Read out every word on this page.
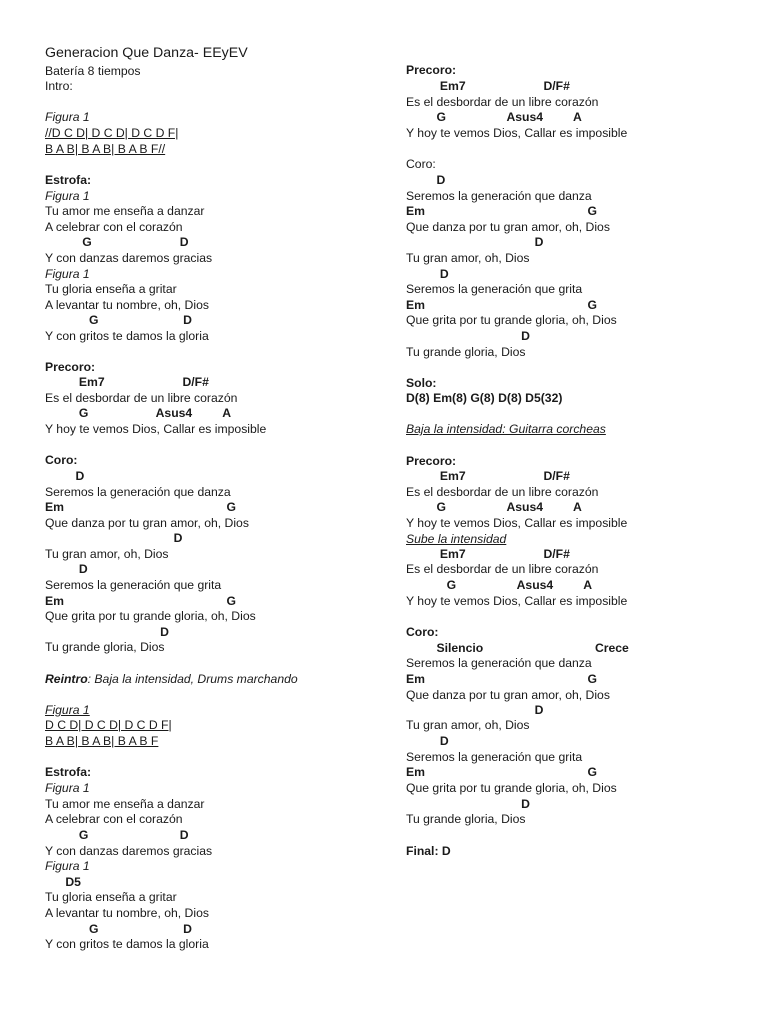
Generacion Que Danza- EEyEV
Batería 8 tiempos
Intro:
Figura 1
//D C D| D C D| D C D F|
B A B| B A B| B A B F//
Estrofa:
Figura 1
Tu amor me enseña a danzar
A celebrar con el corazón
G                          D
Y con danzas daremos gracias
Figura 1
Tu gloria enseña a gritar
A levantar tu nombre, oh, Dios
G                         D
Y con gritos te damos la gloria
Precoro:
Em7                       D/F#
Es el desbordar de un libre corazón
G                    Asus4         A
Y hoy te vemos Dios, Callar es imposible
Coro:
D
Seremos la generación que danza
Em                                                G
Que danza por tu gran amor, oh, Dios
D
Tu gran amor, oh, Dios
D
Seremos la generación que grita
Em                                                G
Que grita por tu grande gloria, oh, Dios
D
Tu grande gloria, Dios
Reintro: Baja la intensidad, Drums marchando
Figura 1
D C D| D C D| D C D F|
B A B| B A B| B A B F
Estrofa:
Figura 1
Tu amor me enseña a danzar
A celebrar con el corazón
G                           D
Y con danzas daremos gracias
Figura 1
D5
Tu gloria enseña a gritar
A levantar tu nombre, oh, Dios
G                         D
Y con gritos te damos la gloria
Precoro:
Em7                       D/F#
Es el desbordar de un libre corazón
G                  Asus4         A
Y hoy te vemos Dios, Callar es imposible
Coro:
D
Seremos la generación que danza
Em                                                G
Que danza por tu gran amor, oh, Dios
D
Tu gran amor, oh, Dios
D
Seremos la generación que grita
Em                                                G
Que grita por tu grande gloria, oh, Dios
D
Tu grande gloria, Dios
Solo:
D(8) Em(8) G(8) D(8) D5(32)
Baja la intensidad: Guitarra corcheas
Precoro:
Em7                       D/F#
Es el desbordar de un libre corazón
G                  Asus4         A
Y hoy te vemos Dios, Callar es imposible
Sube la intensidad
Em7                       D/F#
Es el desbordar de un libre corazón
G                  Asus4         A
Y hoy te vemos Dios, Callar es imposible
Coro:
Silencio                                 Crece
Seremos la generación que danza
Em                                                G
Que danza por tu gran amor, oh, Dios
D
Tu gran amor, oh, Dios
D
Seremos la generación que grita
Em                                                G
Que grita por tu grande gloria, oh, Dios
D
Tu grande gloria, Dios
Final: D
